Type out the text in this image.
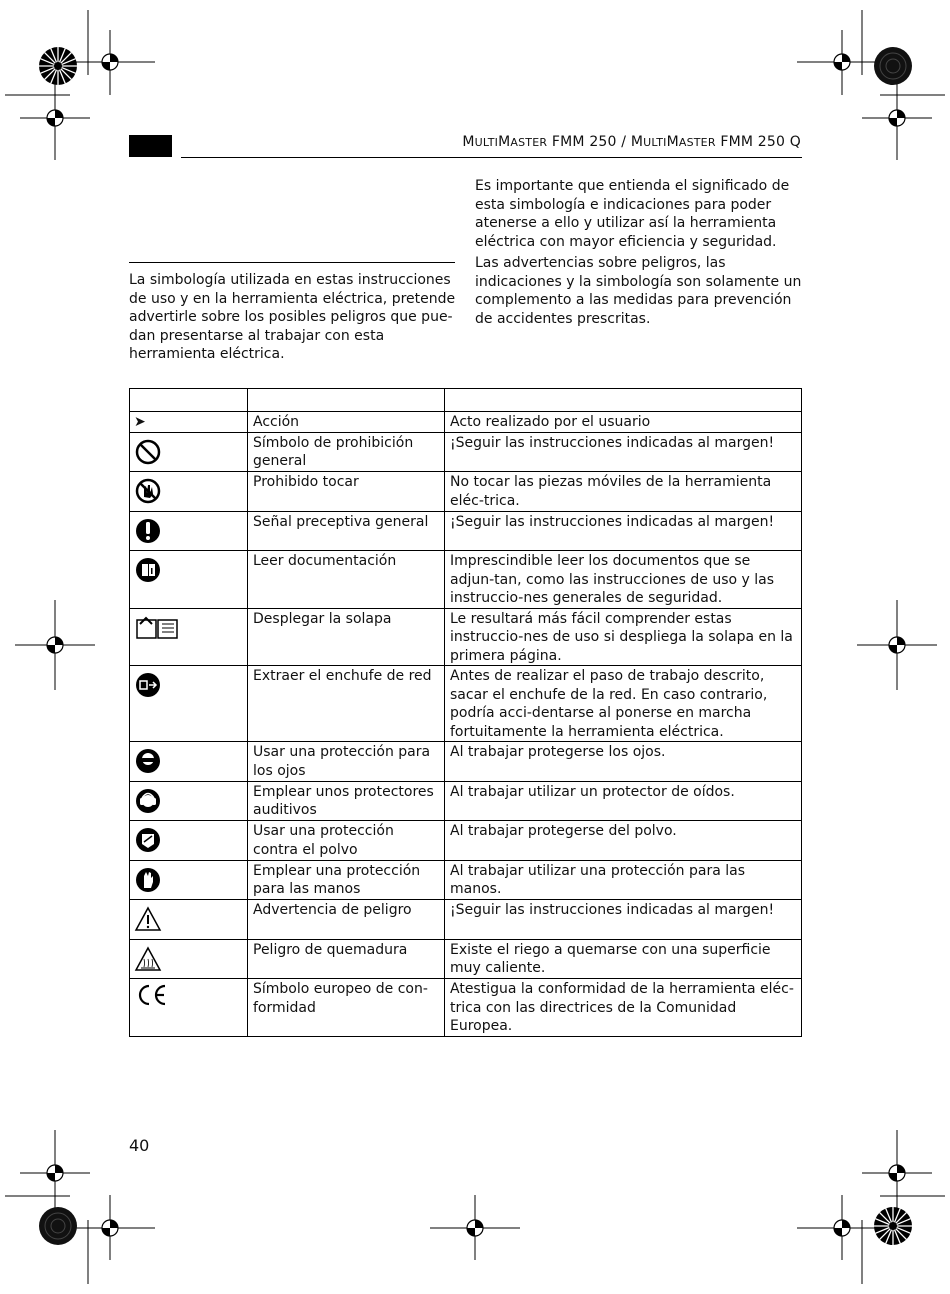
MULTIMASTER FMM 250 / MULTIMASTER FMM 250 Q
La simbología utilizada en estas instrucciones de uso y en la herramienta eléctrica, pretende advertirle sobre los posibles peligros que pue-dan presentarse al trabajar con esta herramienta eléctrica.
Es importante que entienda el significado de esta simbología e indicaciones para poder atenerse a ello y utilizar así la herramienta eléctrica con mayor eficiencia y seguridad.
Las advertencias sobre peligros, las indicaciones y la simbología son solamente un complemento a las medidas para prevención de accidentes prescritas.

➤	Acción	Acto realizado por el usuario
	Símbolo de prohibición general	¡Seguir las instrucciones indicadas al margen!
	Prohibido tocar	No tocar las piezas móviles de la herramienta eléc-trica.
	Señal preceptiva general	¡Seguir las instrucciones indicadas al margen!
	Leer documentación	Imprescindible leer los documentos que se adjun-tan, como las instrucciones de uso y las instruccio-nes generales de seguridad.
	Desplegar la solapa	Le resultará más fácil comprender estas instruccio-nes de uso si despliega la solapa en la primera página.
	Extraer el enchufe de red	Antes de realizar el paso de trabajo descrito, sacar el enchufe de la red. En caso contrario, podría acci-dentarse al ponerse en marcha fortuitamente la herramienta eléctrica.
	Usar una protección para los ojos	Al trabajar protegerse los ojos.
	Emplear unos protectores auditivos	Al trabajar utilizar un protector de oídos.
	Usar una protección contra el polvo	Al trabajar protegerse del polvo.
	Emplear una protección para las manos	Al trabajar utilizar una protección para las manos.
	Advertencia de peligro	¡Seguir las instrucciones indicadas al margen!
	Peligro de quemadura	Existe el riego a quemarse con una superficie muy caliente.
	Símbolo europeo de con-formidad	Atestigua la conformidad de la herramienta eléc-trica con las directrices de la Comunidad Europea.
40
